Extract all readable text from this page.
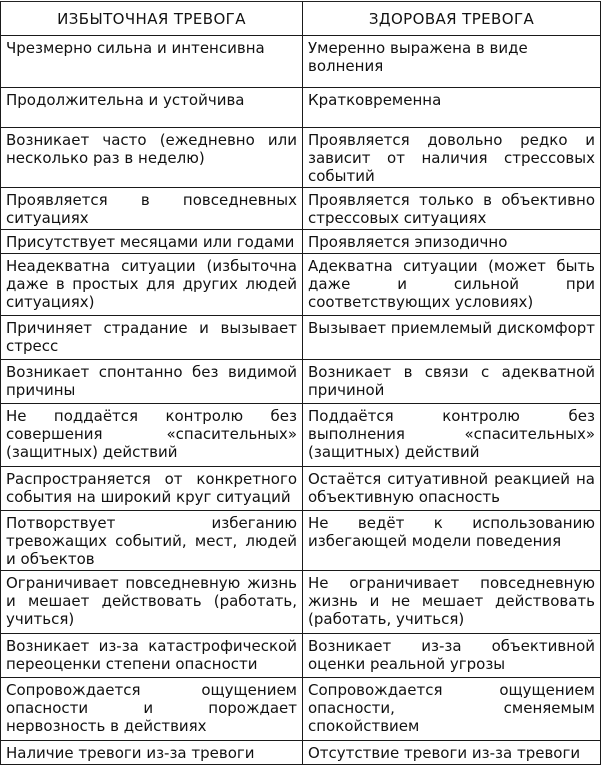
ИЗБЫТОЧНАЯ ТРЕВОГА	ЗДОРОВАЯ ТРЕВОГА
Чрезмерно сильна и интенсивна	Умеренно выражена в виде волнения
Продолжительна и устойчива	Кратковременна
Возникает часто (ежедневно или несколько раз в неделю)	Проявляется довольно редко и зависит от наличия стрессовых событий
Проявляется в повседневных ситуациях	Проявляется только в объективно стрессовых ситуациях
Присутствует месяцами или годами	Проявляется эпизодично
Неадекватна ситуации (избыточна даже в простых для других людей ситуациях)	Адекватна ситуации (может быть даже и сильной при соответствующих условиях)
Причиняет страдание и вызывает стресс	Вызывает приемлемый дискомфорт
Возникает спонтанно без видимой причины	Возникает в связи с адекватной причиной
Не поддаётся контролю без совершения «спасительных» (защитных) действий	Поддаётся контролю без выполнения «спасительных» (защитных) действий
Распространяется от конкретного события на широкий круг ситуаций	Остаётся ситуативной реакцией на объективную опасность
Потворствует избеганию тревожащих событий, мест, людей и объектов	Не ведёт к использованию избегающей модели поведения
Ограничивает повседневную жизнь и мешает действовать (работать, учиться)	Не ограничивает повседневную жизнь и не мешает действовать (работать, учиться)
Возникает из-за катастрофической переоценки степени опасности	Возникает из-за объективной оценки реальной угрозы
Сопровождается ощущением опасности и порождает нервозность в действиях	Сопровождается ощущением опасности, сменяемым спокойствием
Наличие тревоги из-за тревоги	Отсутствие тревоги из-за тревоги
